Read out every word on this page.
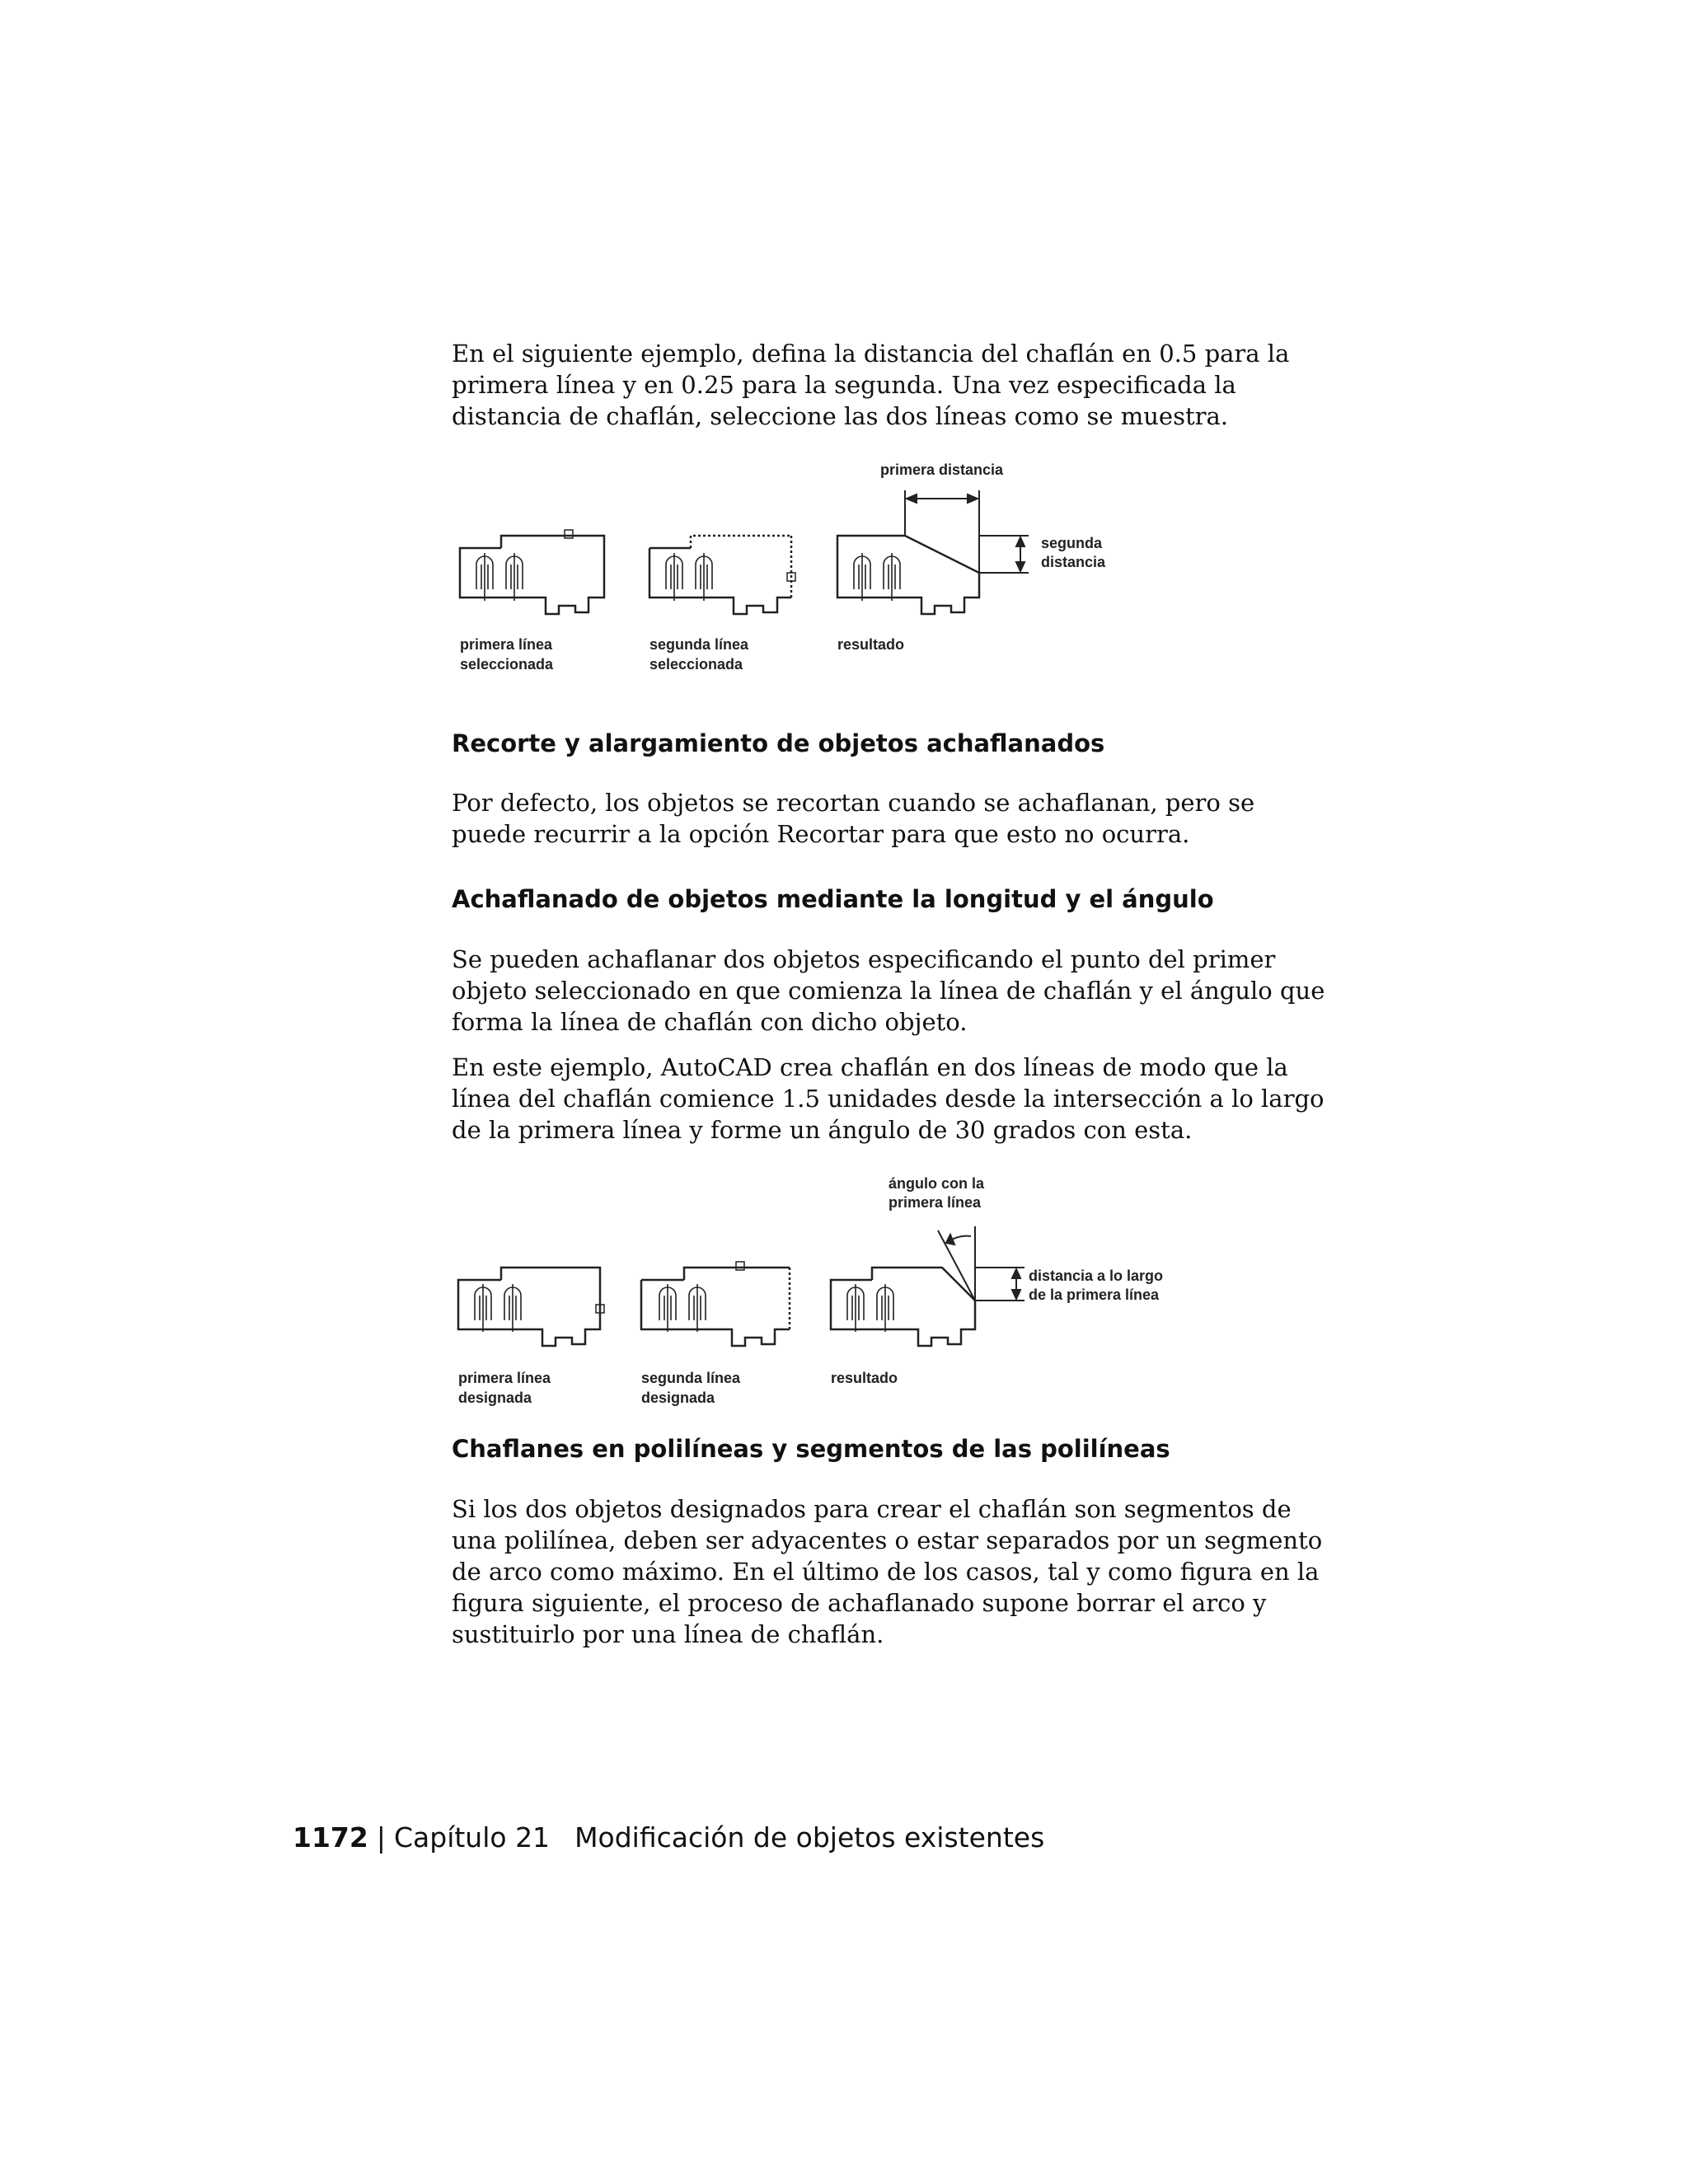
En el siguiente ejemplo, defina la distancia del chaflán en 0.5 para la primera línea y en 0.25 para la segunda. Una vez especificada la distancia de chaflán, seleccione las dos líneas como se muestra.

primera distancia
segunda
distancia
primera línea
seleccionada
segunda línea
seleccionada
resultado
Recorte y alargamiento de objetos achaflanados

Por defecto, los objetos se recortan cuando se achaflanan, pero se puede recurrir a la opción Recortar para que esto no ocurra.

Achaflanado de objetos mediante la longitud y el ángulo

Se pueden achaflanar dos objetos especificando el punto del primer objeto seleccionado en que comienza la línea de chaflán y el ángulo que forma la línea de chaflán con dicho objeto.

En este ejemplo, AutoCAD crea chaflán en dos líneas de modo que la línea del chaflán comience 1.5 unidades desde la intersección a lo largo de la primera línea y forme un ángulo de 30 grados con esta.

ángulo con la
primera línea
distancia a lo largo
de la primera línea
primera línea
designada
segunda línea
designada
resultado
Chaflanes en polilíneas y segmentos de las polilíneas

Si los dos objetos designados para crear el chaflán son segmentos de una polilínea, deben ser adyacentes o estar separados por un segmento de arco como máximo. En el último de los casos, tal y como figura en la figura siguiente, el proceso de achaflanado supone borrar el arco y sustituirlo por una línea de chaflán.

1172 | Capítulo 21 Modificación de objetos existentes
